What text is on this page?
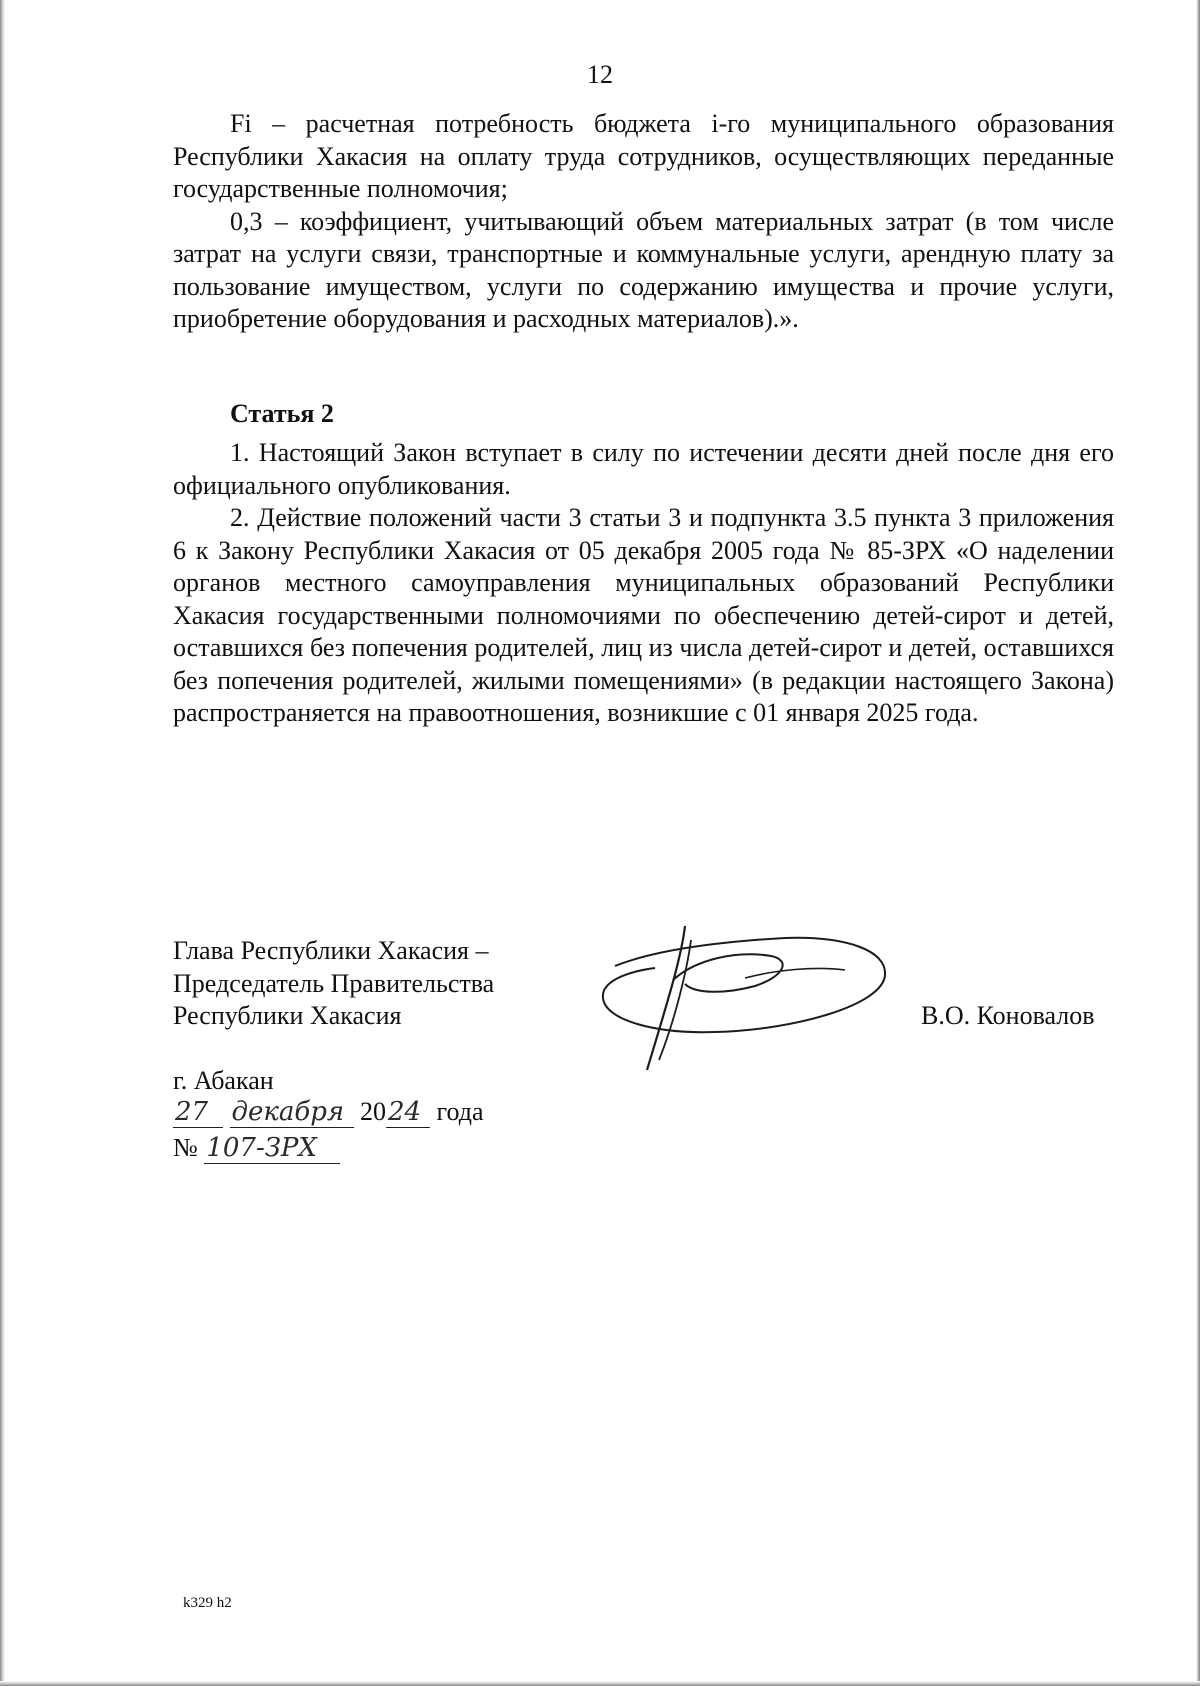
12

Fi – расчетная потребность бюджета i-го муниципального образования Республики Хакасия на оплату труда сотрудников, осуществляющих переданные государственные полномочия;

0,3 – коэффициент, учитывающий объем материальных затрат (в том числе затрат на услуги связи, транспортные и коммунальные услуги, арендную плату за пользование имуществом, услуги по содержанию имущества и прочие услуги, приобретение оборудования и расходных материалов).».

Статья 2

1. Настоящий Закон вступает в силу по истечении десяти дней после дня его официального опубликования.

2. Действие положений части 3 статьи 3 и подпункта 3.5 пункта 3 приложения 6 к Закону Республики Хакасия от 05 декабря 2005 года № 85-ЗРХ «О наделении органов местного самоуправления муниципальных образований Республики Хакасия государственными полномочиями по обеспечению детей-сирот и детей, оставшихся без попечения родителей, лиц из числа детей-сирот и детей, оставшихся без попечения родителей, жилыми помещениями» (в редакции настоящего Закона) распространяется на правоотношения, возникшие с 01 января 2025 года.

Глава Республики Хакасия –
Председатель Правительства
Республики Хакасия	В.О. Коновалов
г. Абакан
27 декабря 2024 года
№ 107-ЗРХ
k329 h2
